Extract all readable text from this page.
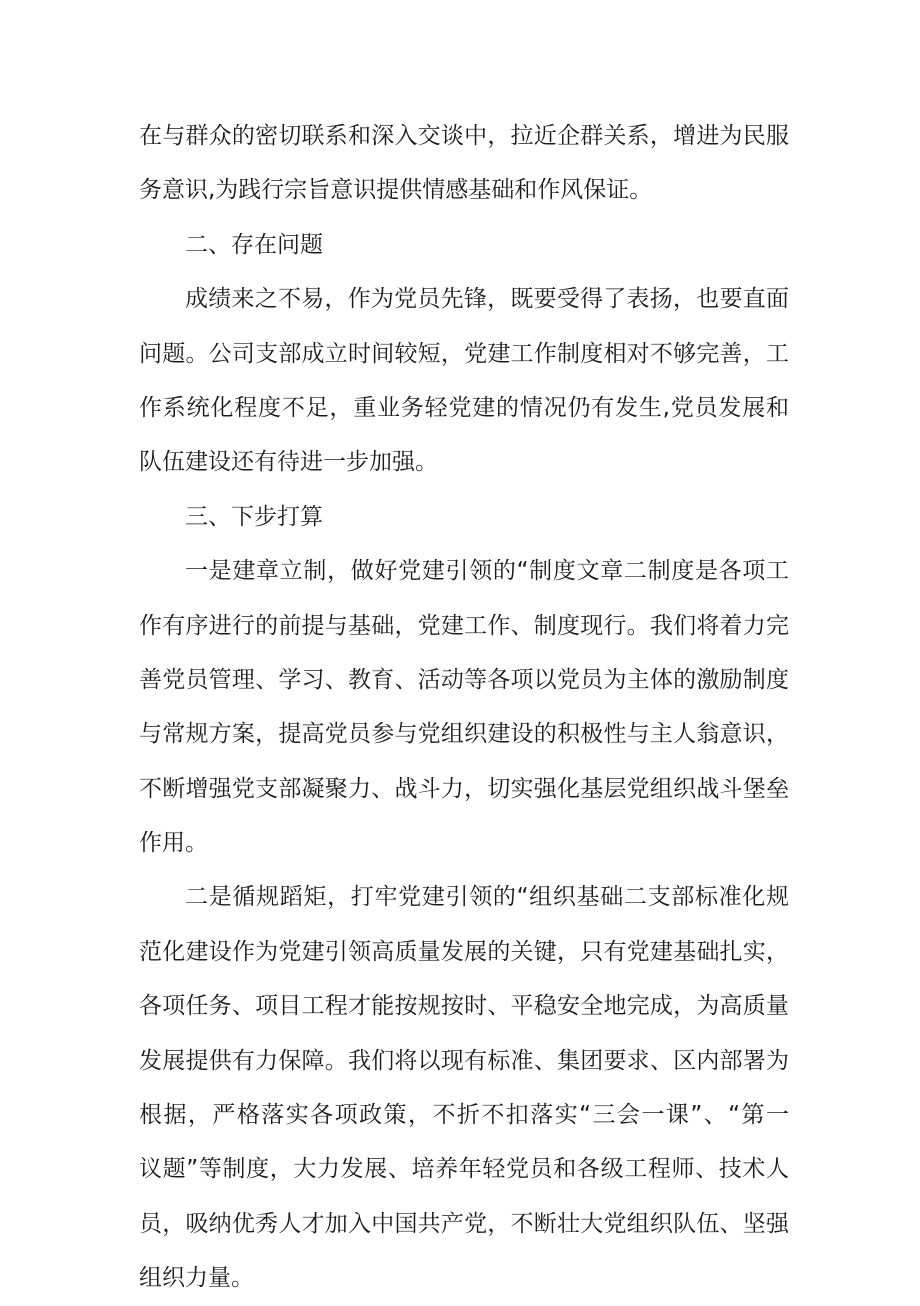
在与群众的密切联系和深入交谈中，拉近企群关系，增进为民服
务意识,为践行宗旨意识提供情感基础和作风保证。
二、存在问题
成绩来之不易，作为党员先锋，既要受得了表扬，也要直面
问题。公司支部成立时间较短，党建工作制度相对不够完善，工
作系统化程度不足，重业务轻党建的情况仍有发生,党员发展和
队伍建设还有待进一步加强。
三、下步打算
一是建章立制，做好党建引领的“制度文章二制度是各项工
作有序进行的前提与基础，党建工作、制度现行。我们将着力完
善党员管理、学习、教育、活动等各项以党员为主体的激励制度
与常规方案，提高党员参与党组织建设的积极性与主人翁意识，
不断增强党支部凝聚力、战斗力，切实强化基层党组织战斗堡垒
作用。
二是循规蹈矩，打牢党建引领的“组织基础二支部标准化规
范化建设作为党建引领高质量发展的关键，只有党建基础扎实，
各项任务、项目工程才能按规按时、平稳安全地完成，为高质量
发展提供有力保障。我们将以现有标准、集团要求、区内部署为
根据，严格落实各项政策，不折不扣落实“三会一课”、“第一
议题”等制度，大力发展、培养年轻党员和各级工程师、技术人
员，吸纳优秀人才加入中国共产党，不断壮大党组织队伍、坚强
组织力量。
